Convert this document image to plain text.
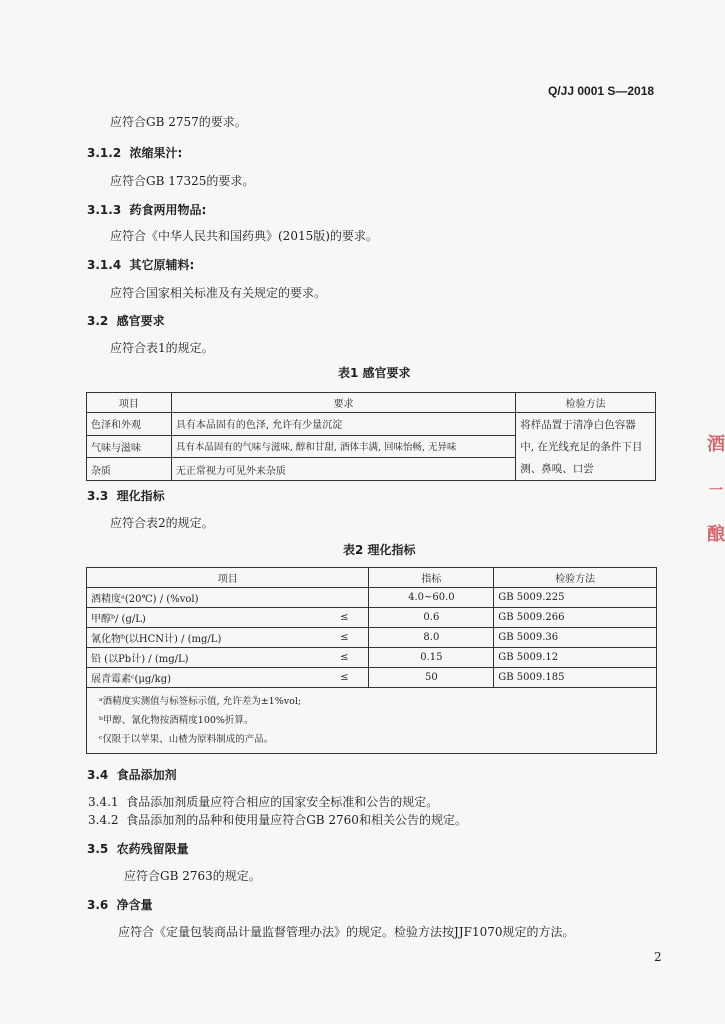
Q/JJ 0001 S—2018
应符合GB 2757的要求。
3.1.2 浓缩果汁:
应符合GB 17325的要求。
3.1.3 药食两用物品:
应符合《中华人民共和国药典》(2015版)的要求。
3.1.4 其它原辅料:
应符合国家相关标准及有关规定的要求。
3.2 感官要求
应符合表1的规定。
表1 感官要求
项目	要求	检验方法
色泽和外观	具有本品固有的色泽, 允许有少量沉淀	将样品置于清净白色容器
中, 在光线充足的条件下目
测、鼻嗅、口尝

气味与滋味	具有本品固有的气味与滋味, 醇和甘甜, 酒体丰满, 回味怡畅, 无异味	
杂质	无正常视力可见外来杂质	
3.3 理化指标
应符合表2的规定。
表2 理化指标
项目		指标	检验方法
酒精度ᵃ(20℃) / (%vol)		4.0~60.0	GB 5009.225
甲醇ᵇ/ (g/L)	≤	0.6	GB 5009.266
氰化物ᵇ(以HCN计) / (mg/L)	≤	8.0	GB 5009.36
铅 (以Pb计) / (mg/L)	≤	0.15	GB 5009.12
展青霉素ᶜ(μg/kg)	≤	50	GB 5009.185

ᵃ酒精度实测值与标签标示值, 允许差为±1%vol;
ᵇ甲醇、氰化物按酒精度100%折算。
ᶜ仅限于以苹果、山楂为原料制成的产品。			
3.4 食品添加剂
3.4.1 食品添加剂质量应符合相应的国家安全标准和公告的规定。
3.4.2 食品添加剂的品种和使用量应符合GB 2760和相关公告的规定。
3.5 农药残留限量
应符合GB 2763的规定。
3.6 净含量
应符合《定量包装商品计量监督管理办法》的规定。检验方法按JJF1070规定的方法。
2
酒
一
酿
